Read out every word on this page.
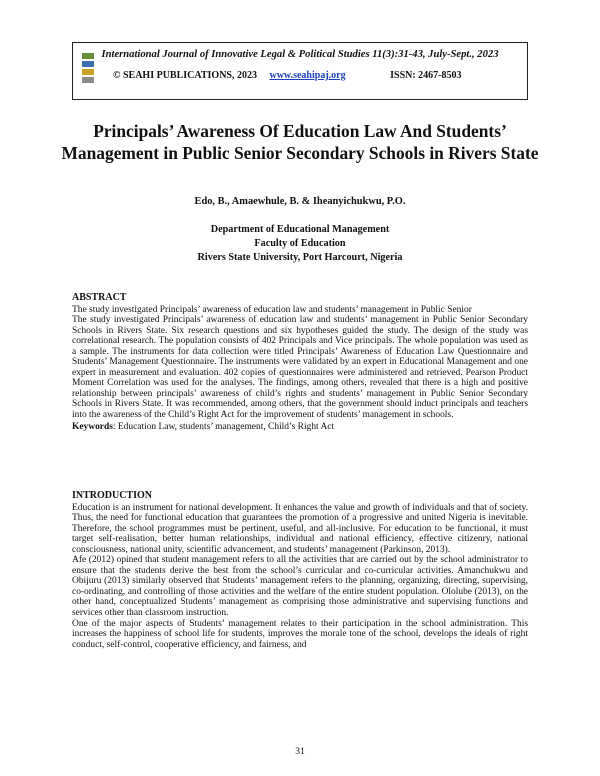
International Journal of Innovative Legal & Political Studies 11(3):31-43, July-Sept., 2023
© SEAHI PUBLICATIONS, 2023 www.seahipaj.org	ISSN: 2467-8503
Principals’ Awareness Of Education Law And Students’ Management in Public Senior Secondary Schools in Rivers State
Edo, B., Amaewhule, B. & Iheanyichukwu, P.O.
Department of Educational Management
Faculty of Education
Rivers State University, Port Harcourt, Nigeria
ABSTRACT
The study investigated Principals’ awareness of education law and students’ management in Public Senior
The study investigated Principals’ awareness of education law and students’ management in Public Senior Secondary Schools in Rivers State. Six research questions and six hypotheses guided the study. The design of the study was correlational research. The population consists of 402 Principals and Vice principals. The whole population was used as a sample. The instruments for data collection were titled Principals’ Awareness of Education Law Questionnaire and Students’ Management Questionnaire. The instruments were validated by an expert in Educational Management and one expert in measurement and evaluation. 402 copies of questionnaires were administered and retrieved. Pearson Product Moment Correlation was used for the analyses. The findings, among others, revealed that there is a high and positive relationship between principals’ awareness of child’s rights and students’ management in Public Senior Secondary Schools in Rivers State. It was recommended, among others, that the government should induct principals and teachers into the awareness of the Child’s Right Act for the improvement of students’ management in schools.
Keywords: Education Law, students’ management, Child’s Right Act
INTRODUCTION
Education is an instrument for national development. It enhances the value and growth of individuals and that of society. Thus, the need for functional education that guarantees the promotion of a progressive and united Nigeria is inevitable. Therefore, the school programmes must be pertinent, useful, and all-inclusive. For education to be functional, it must target self-realisation, better human relationships, individual and national efficiency, effective citizenry, national consciousness, national unity, scientific advancement, and students’ management (Parkinson, 2013).
Afe (2012) opined that student management refers to all the activities that are carried out by the school administrator to ensure that the students derive the best from the school’s curricular and co-curricular activities. Amanchukwu and Obijuru (2013) similarly observed that Students’ management refers to the planning, organizing, directing, supervising, co-ordinating, and controlling of those activities and the welfare of the entire student population. Ololube (2013), on the other hand, conceptualized Students’ management as comprising those administrative and supervising functions and services other than classroom instruction.
One of the major aspects of Students’ management relates to their participation in the school administration. This increases the happiness of school life for students, improves the morale tone of the school, develops the ideals of right conduct, self-control, cooperative efficiency, and fairness, and
31
